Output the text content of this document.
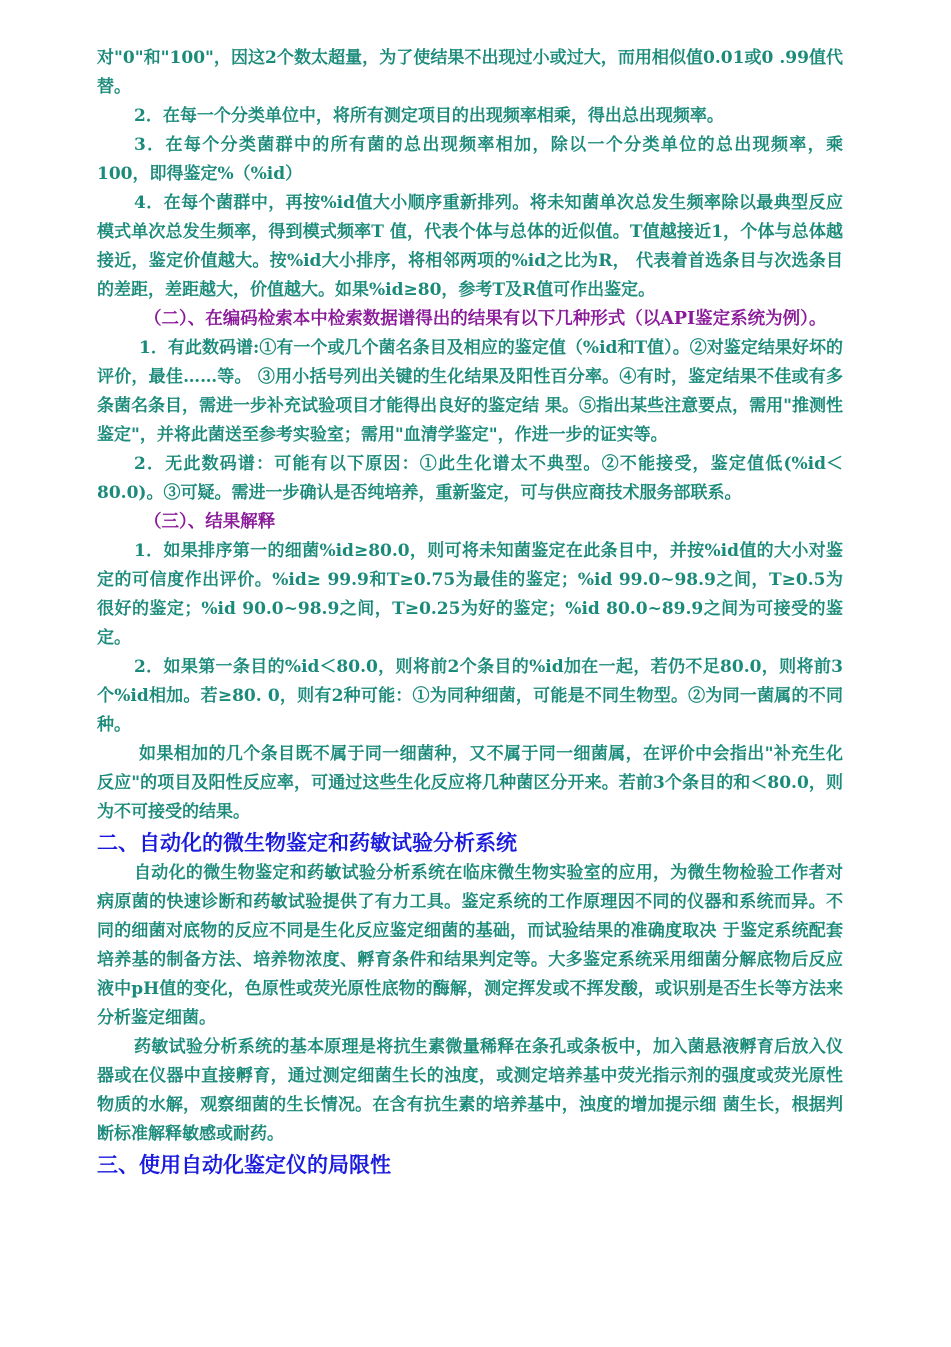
对"0"和"100"，因这2个数太超量，为了使结果不出现过小或过大，而用相似值0.01或0 .99值代替。

2．在每一个分类单位中，将所有测定项目的出现频率相乘，得出总出现频率。

3．在每个分类菌群中的所有菌的总出现频率相加，除以一个分类单位的总出现频率，乘100，即得鉴定%（%id）

4．在每个菌群中，再按%id值大小顺序重新排列。将未知菌单次总发生频率除以最典型反应模式单次总发生频率，得到模式频率T 值，代表个体与总体的近似值。T值越接近1，个体与总体越接近，鉴定价值越大。按%id大小排序，将相邻两项的%id之比为R， 代表着首选条目与次选条目的差距，差距越大，价值越大。如果%id≥80，参考T及R值可作出鉴定。

（二）、在编码检索本中检索数据谱得出的结果有以下几种形式（以API鉴定系统为例）。

1．有此数码谱:①有一个或几个菌名条目及相应的鉴定值（%id和T值）。②对鉴定结果好坏的评价，最佳……等。 ③用小括号列出关键的生化结果及阳性百分率。④有时，鉴定结果不佳或有多条菌名条目，需进一步补充试验项目才能得出良好的鉴定结 果。⑤指出某些注意要点，需用"推测性鉴定"，并将此菌送至参考实验室；需用"血清学鉴定"，作进一步的证实等。

2．无此数码谱：可能有以下原因：①此生化谱太不典型。②不能接受，鉴定值低(%id＜80.0)。③可疑。需进一步确认是否纯培养，重新鉴定，可与供应商技术服务部联系。

（三）、结果解释

1．如果排序第一的细菌%id≥80.0，则可将未知菌鉴定在此条目中，并按%id值的大小对鉴定的可信度作出评价。%id≥ 99.9和T≥0.75为最佳的鉴定；%id 99.0~98.9之间，T≥0.5为很好的鉴定；%id 90.0~98.9之间，T≥0.25为好的鉴定；%id 80.0~89.9之间为可接受的鉴定。

2．如果第一条目的%id＜80.0，则将前2个条目的%id加在一起，若仍不足80.0，则将前3个%id相加。若≥80. 0，则有2种可能：①为同种细菌，可能是不同生物型。②为同一菌属的不同种。

如果相加的几个条目既不属于同一细菌种，又不属于同一细菌属，在评价中会指出"补充生化反应"的项目及阳性反应率，可通过这些生化反应将几种菌区分开来。若前3个条目的和＜80.0，则为不可接受的结果。

二、自动化的微生物鉴定和药敏试验分析系统

自动化的微生物鉴定和药敏试验分析系统在临床微生物实验室的应用，为微生物检验工作者对病原菌的快速诊断和药敏试验提供了有力工具。鉴定系统的工作原理因不同的仪器和系统而异。不同的细菌对底物的反应不同是生化反应鉴定细菌的基础，而试验结果的准确度取决 于鉴定系统配套培养基的制备方法、培养物浓度、孵育条件和结果判定等。大多鉴定系统采用细菌分解底物后反应液中pH值的变化，色原性或荧光原性底物的酶解，测定挥发或不挥发酸，或识别是否生长等方法来分析鉴定细菌。

药敏试验分析系统的基本原理是将抗生素微量稀释在条孔或条板中，加入菌悬液孵育后放入仪器或在仪器中直接孵育，通过测定细菌生长的浊度，或测定培养基中荧光指示剂的强度或荧光原性物质的水解，观察细菌的生长情况。在含有抗生素的培养基中，浊度的增加提示细 菌生长，根据判断标准解释敏感或耐药。

三、使用自动化鉴定仪的局限性
